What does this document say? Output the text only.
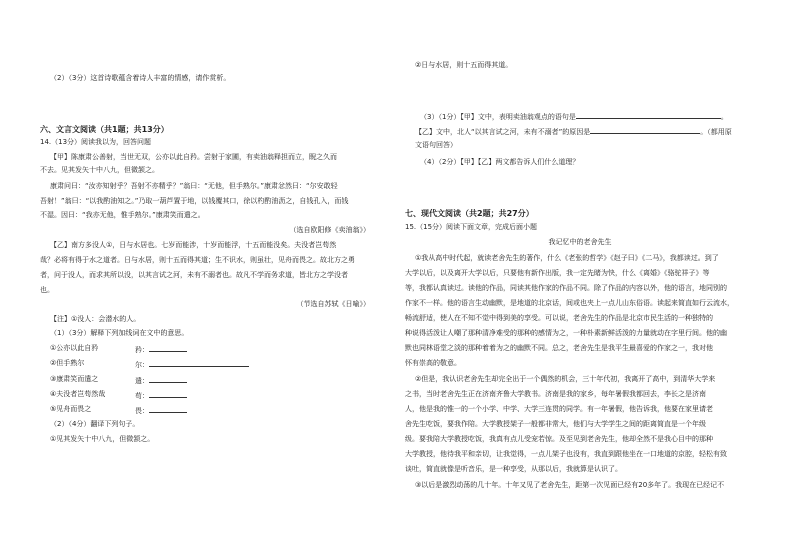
（2）（3分）这首诗歌蕴含着诗人丰富的情感，请作赏析。
六、文言文阅读（共1题；共13分）
14.（13分）阅读我以为，回答问题
【甲】陈康肃公善射，当世无双，公亦以此自矜。尝射于家圃，有卖油翁释担而立，睨之久而
不去。见其发矢十中八九，但微颔之。
康肃问曰：“汝亦知射乎？吾射不亦精乎？”翁曰：“无他，但手熟尔。”康肃忿然曰：“尔安敢轻
吾射！”翁曰：“以我酌油知之。”乃取一葫芦置于地，以钱覆其口，徐以杓酌油沥之，自钱孔入，而钱
不湿。因曰：“我亦无他，惟手熟尔。”康肃笑而遣之。
（选自欧阳修《卖油翁》）
【乙】南方多没人①，日与水居也。七岁而能涉，十岁而能浮，十五而能没矣。夫没者岂苟然
哉？必将有得于水之道者。日与水居，则十五而得其道；生不识水，则虽壮，见舟而畏之。故北方之勇
者，问于没人，而求其所以没，以其言试之河，未有不溺者也。故凡不学而务求道，皆北方之学没者
也。
（节选自苏轼《日喻》）
【注】①没人：会潜水的人。
（1）（3分）解释下列加线词在文中的意思。
①公亦以此自矜	矜：
②但手熟尔	尔：
③康肃笑而遣之	遣：
④夫没者岂苟然哉	苟：
⑤见舟而畏之	畏：
（2）（4分）翻译下列句子。
①见其发矢十中八九，但微颔之。
②日与水居，则十五而得其道。
（3）（1分）【甲】文中，表明卖油翁观点的语句是	。
【乙】文中，北人“以其言试之河，未有不溺者”的原因是	。（都用原
文语句回答）
（4）（2分）【甲】【乙】两文都告诉人们什么道理？
七、现代文阅读（共2题；共27分）
15.（15分）阅读下面文章，完成后面小题
我记忆中的老舍先生
①我从高中时代起，就读老舍先生的著作，什么《老张的哲学》《赵子曰》《二马》，我都读过。到了
大学以后，以及离开大学以后，只要他有新作出版，我一定先睹为快，什么《离婚》《骆驼祥子》等
等，我都认真读过。读他的作品，同读其他作家的作品不同。除了作品的内容以外，他的语言，地同别的
作家不一样。他的语言生动幽默，是地道的北京话，间或也夹上一点儿山东俗语。读起来简直如行云流水，
畅流舒适，使人在不知不觉中得到美的享受。可以说，老舍先生的作品是北京市民生活的一种独特的
种说得活泼让人嘲了那种清净难受的那种的感情为之，一种朴素新鲜活泼的力量就动在字里行间。他的幽
默也同林语堂之淡的那种着着为之的幽默不同。总之，老舍先生是我平生最喜爱的作家之一，我对他
怀有崇高的敬意。
②但是，我认识老舍先生却完全出于一个偶然的机会，三十年代初，我离开了高中，到清华大学来
之书，当时老舍先生正在济南齐鲁大学教书。济南是我的家乡，每年暑假我都回去，李长之是济南
人，他是我的惟一的一个小学、中学、大学三连贯的同学。有一年暑假，他告诉我，他要在家里请老
舍先生吃饭，要我作陪。大学教授架子一般都非常大，他们与大学学生之间的距离简直是一个年级
级。要我陪大学教授吃饭，我真有点儿受宠若惊。及至见到老舍先生，他却全然不是我心目中的那种
大学教授，他待我平和亲切，让我觉得，一点儿架子也没有，我直到跟他坐在一口地道的京腔，轻松有致
谈吐，简直就像是听音乐，是一种享受，从那以后，我就算是认识了。
③以后是激烈动荡的几十年。十年又见了老舍先生，距第一次见面已经有20多年了。我现在已经记不
